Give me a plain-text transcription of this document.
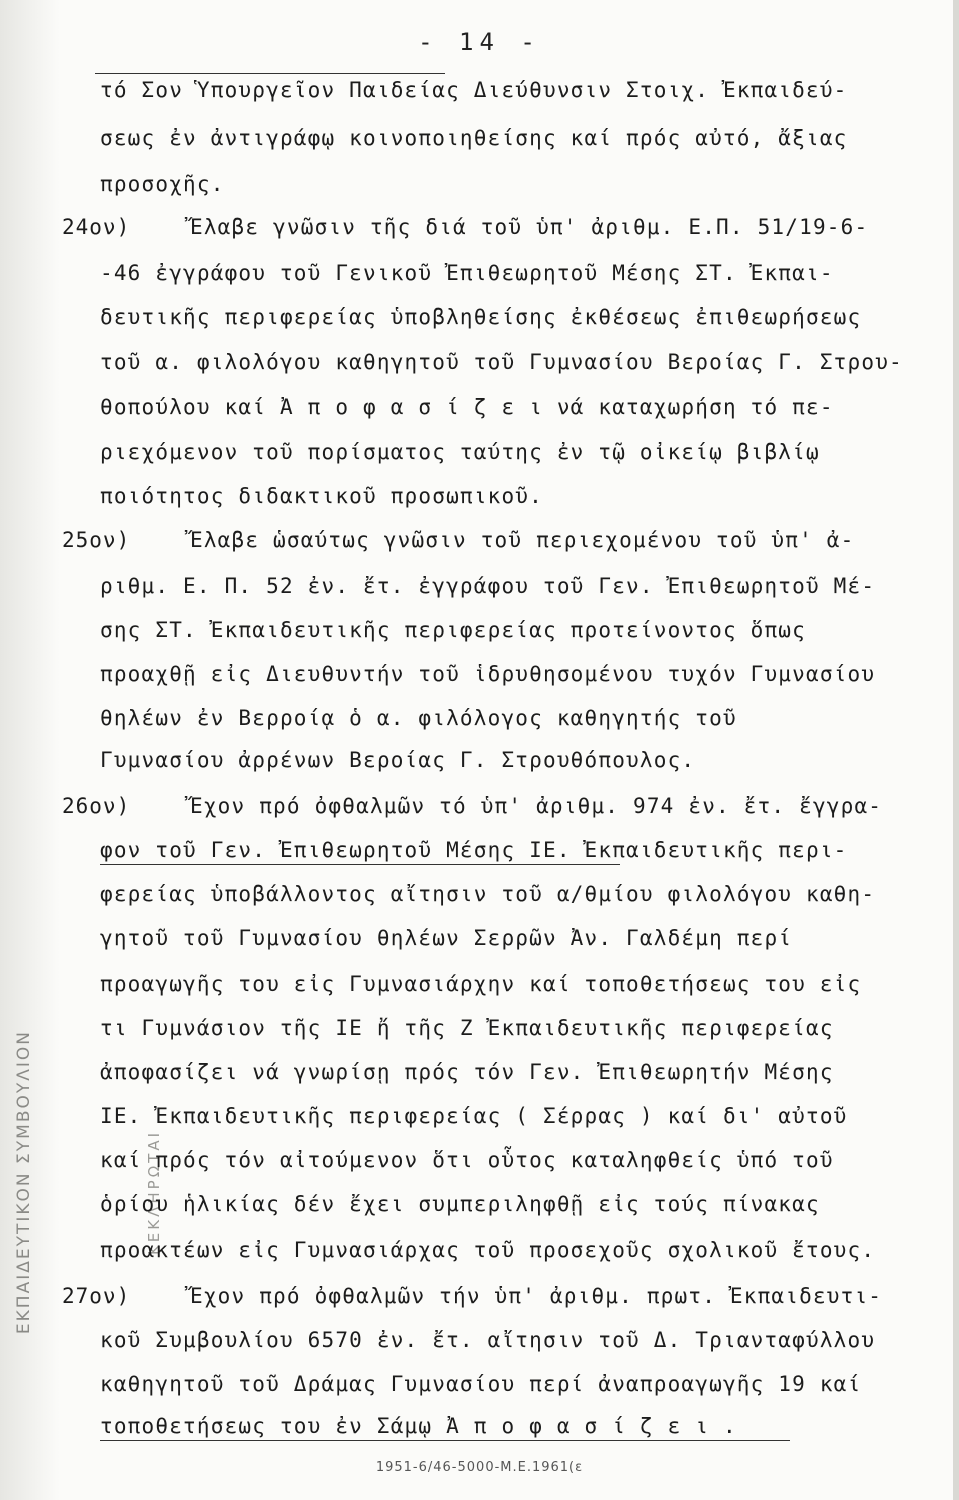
ΕΚΠΑΙΔΕΥΤΙΚΟΝ ΣΥΜΒΟΥΛΙΟΝ	ΚΕΚΛΗΡΩΤΑΙ
- 14 -
τό Σον Ὑπουργεῖον Παιδείας Διεύθυνσιν Στοιχ. Ἐκπαιδεύ-
σεως ἐν ἀντιγράφῳ κοινοποιηθείσης καί πρός αὐτό, ἄξιας
προσοχῆς.
24ον)	Ἔλαβε γνῶσιν τῆς διά τοῦ ὑπ' ἀριθμ. Ε.Π. 51/19-6-
-46 ἐγγράφου τοῦ Γενικοῦ Ἐπιθεωρητοῦ Μέσης ΣΤ. Ἐκπαι-
δευτικῆς περιφερείας ὑποβληθείσης ἐκθέσεως ἐπιθεωρήσεως
τοῦ α. φιλολόγου καθηγητοῦ τοῦ Γυμνασίου Βεροίας Γ. Στρου-
θοπούλου καί Ἀ π ο φ α σ ί ζ ε ι νά καταχωρήση τό πε-
ριεχόμενον τοῦ πορίσματος ταύτης ἐν τῷ οἰκείῳ βιβλίῳ
ποιότητος διδακτικοῦ προσωπικοῦ.
25ον)	Ἔλαβε ὡσαύτως γνῶσιν τοῦ περιεχομένου τοῦ ὑπ' ἀ-
ριθμ. Ε. Π. 52 ἐν. ἔτ. ἐγγράφου τοῦ Γεν. Ἐπιθεωρητοῦ Μέ-
σης ΣΤ. Ἐκπαιδευτικῆς περιφερείας προτείνοντος ὅπως
προαχθῇ εἰς Διευθυντήν τοῦ ἱδρυθησομένου τυχόν Γυμνασίου
θηλέων ἐν Βερροίᾳ ὁ α. φιλόλογος καθηγητής τοῦ
Γυμνασίου ἀρρένων Βεροίας Γ. Στρουθόπουλος.
26ον)	Ἔχον πρό ὀφθαλμῶν τό ὑπ' ἀριθμ. 974 ἐν. ἔτ. ἔγγρα-
φον τοῦ Γεν. Ἐπιθεωρητοῦ Μέσης ΙΕ. Ἐκπαιδευτικῆς περι-
φερείας ὑποβάλλοντος αἴτησιν τοῦ α/θμίου φιλολόγου καθη-
γητοῦ τοῦ Γυμνασίου θηλέων Σερρῶν Ἀν. Γαλδέμη περί
προαγωγῆς του εἰς Γυμνασιάρχην καί τοποθετήσεως του εἰς
τι Γυμνάσιον τῆς ΙΕ ἤ τῆς Ζ Ἐκπαιδευτικῆς περιφερείας
ἀποφασίζει νά γνωρίσῃ πρός τόν Γεν. Ἐπιθεωρητήν Μέσης
ΙΕ. Ἐκπαιδευτικῆς περιφερείας ( Σέρρας ) καί δι' αὐτοῦ
καί πρός τόν αἰτούμενον ὅτι οὗτος καταληφθείς ὑπό τοῦ
ὁρίου ἡλικίας δέν ἔχει συμπεριληφθῇ εἰς τούς πίνακας
προακτέων εἰς Γυμνασιάρχας τοῦ προσεχοῦς σχολικοῦ ἔτους.
27ον)	Ἔχον πρό ὀφθαλμῶν τήν ὑπ' ἀριθμ. πρωτ. Ἐκπαιδευτι-
κοῦ Συμβουλίου 6570 ἐν. ἔτ. αἴτησιν τοῦ Δ. Τριανταφύλλου
καθηγητοῦ τοῦ Δράμας Γυμνασίου περί ἀναπροαγωγῆς 19 καί
τοποθετήσεως του ἐν Σάμῳ Ἀ π ο φ α σ ί ζ ε ι .
1951-6/46-5000-Μ.Ε.1961(ε
